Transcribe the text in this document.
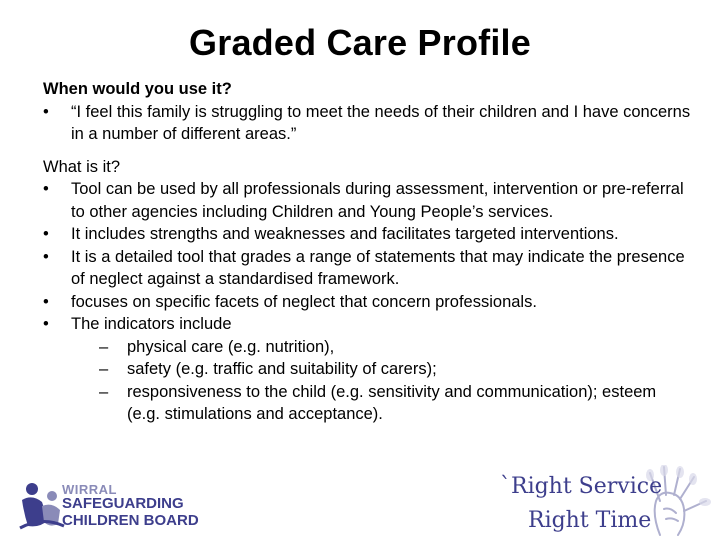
Graded Care Profile
When would you use it?
• “I feel this family is struggling to meet the needs of their children and I have concerns in a number of different areas.”
What is it?
• Tool can be used by all professionals during assessment, intervention or pre-referral to other agencies including Children and Young People’s services.
• It includes strengths and weaknesses and facilitates targeted interventions.
• It is a detailed tool that grades a range of statements that may indicate the presence of neglect against a standardised framework.
• focuses on specific facets of neglect that concern professionals.
• The indicators include
– physical care (e.g. nutrition),
– safety (e.g. traffic and suitability of carers);
– responsiveness to the child (e.g. sensitivity and communication); esteem (e.g. stimulations and acceptance).
WIRRAL
SAFEGUARDING
CHILDREN BOARD
`Right Service
Right Time
